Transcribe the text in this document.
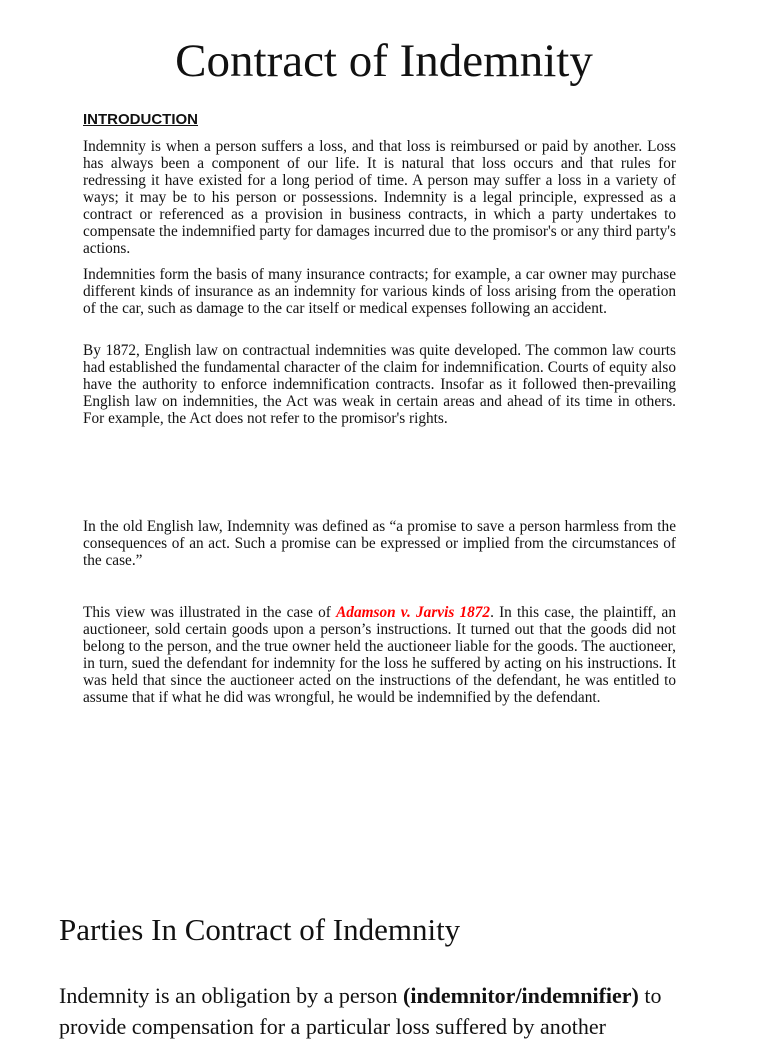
Contract of Indemnity
INTRODUCTION

Indemnity is when a person suffers a loss, and that loss is reimbursed or paid by another. Loss has always been a component of our life. It is natural that loss occurs and that rules for redressing it have existed for a long period of time. A person may suffer a loss in a variety of ways; it may be to his person or possessions. Indemnity is a legal principle, expressed as a contract or referenced as a provision in business contracts, in which a party undertakes to compensate the indemnified party for damages incurred due to the promisor's or any third party's actions.

Indemnities form the basis of many insurance contracts; for example, a car owner may purchase different kinds of insurance as an indemnity for various kinds of loss arising from the operation of the car, such as damage to the car itself or medical expenses following an accident.

By 1872, English law on contractual indemnities was quite developed. The common law courts had established the fundamental character of the claim for indemnification. Courts of equity also have the authority to enforce indemnification contracts. Insofar as it followed then-prevailing English law on indemnities, the Act was weak in certain areas and ahead of its time in others. For example, the Act does not refer to the promisor's rights.

In the old English law, Indemnity was defined as “a promise to save a person harmless from the consequences of an act. Such a promise can be expressed or implied from the circumstances of the case.”

This view was illustrated in the case of Adamson v. Jarvis 1872. In this case, the plaintiff, an auctioneer, sold certain goods upon a person’s instructions. It turned out that the goods did not belong to the person, and the true owner held the auctioneer liable for the goods. The auctioneer, in turn, sued the defendant for indemnity for the loss he suffered by acting on his instructions. It was held that since the auctioneer acted on the instructions of the defendant, he was entitled to assume that if what he did was wrongful, he would be indemnified by the defendant.

Parties In Contract of Indemnity

Indemnity is an obligation by a person (indemnitor/indemnifier) to

provide compensation for a particular loss suffered by another
